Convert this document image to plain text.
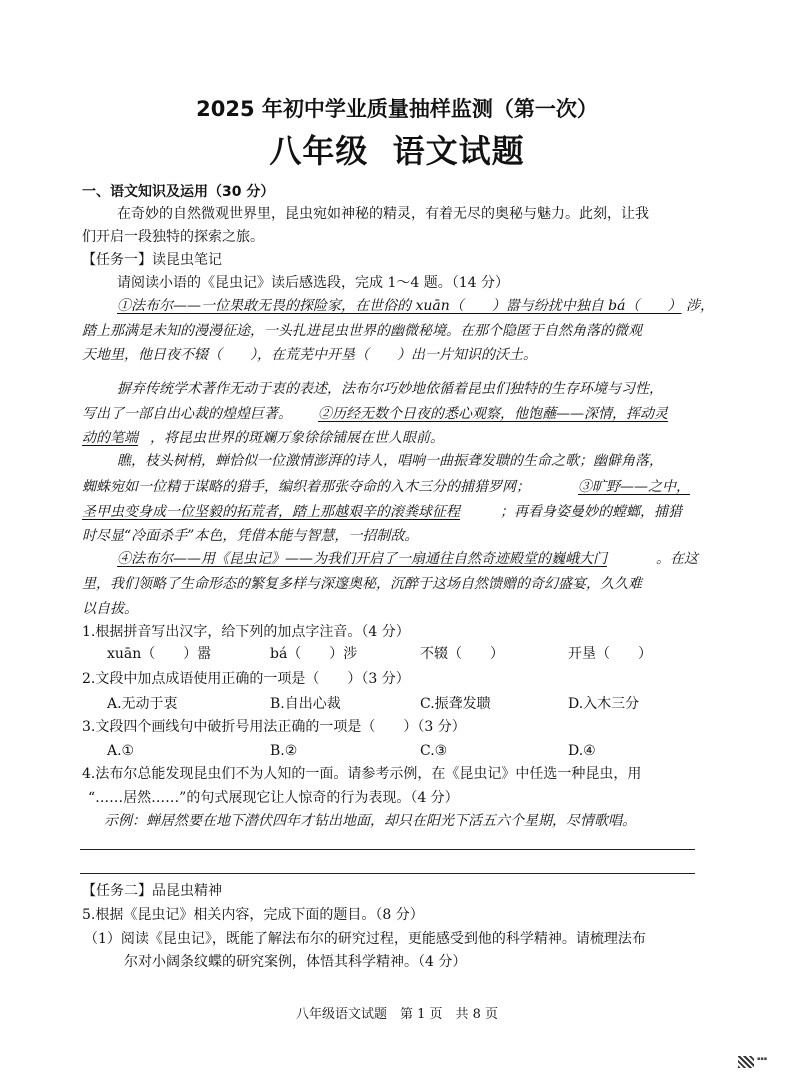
2025 年初中学业质量抽样监测（第一次）
八年级 语文试题
一、语文知识及运用（30 分）
在奇妙的自然微观世界里，昆虫宛如神秘的精灵，有着无尽的奥秘与魅力。此刻，让我
们开启一段独特的探索之旅。
【任务一】读昆虫笔记
请阅读小语的《昆虫记》读后感选段，完成 1～4 题。（14 分）
①法布尔——一位果敢无畏的探险家，在世俗的 xuān（　　）嚣与纷扰中独自 bá（　　） 涉，
踏上那满是未知的漫漫征途，一头扎进昆虫世界的幽微秘境。在那个隐匿于自然角落的微观
天地里，他日夜不辍（　　），在荒芜中开垦（　　）出一片知识的沃土。
摒弃传统学术著作无动于衷的表述，法布尔巧妙地依循着昆虫们独特的生存环境与习性，
写出了一部自出心裁的煌煌巨著。 ②历经无数个日夜的悉心观察，他饱蘸——深情，挥动灵
动的笔端 ，将昆虫世界的斑斓万象徐徐铺展在世人眼前。
瞧，枝头树梢，蝉恰似一位激情澎湃的诗人，唱响一曲振聋发聩的生命之歌；幽僻角落，
蜘蛛宛如一位精于谋略的猎手，编织着那张夺命的入木三分的捕猎罗网；	③旷野——之中，
圣甲虫变身成一位坚毅的拓荒者，踏上那越艰辛的滚粪球征程	；再看身姿曼妙的螳螂，捕猎
时尽显“冷面杀手”本色，凭借本能与智慧，一招制敌。
④法布尔——用《昆虫记》——为我们开启了一扇通往自然奇迹殿堂的巍峨大门	。在这
里，我们领略了生命形态的繁复多样与深邃奥秘，沉醉于这场自然馈赠的奇幻盛宴，久久难
以自拔。
1.根据拼音写出汉字，给下列的加点字注音。（4 分）
xuān（　　）嚣	bá（　　）涉	不辍（　　）	开垦（　　）
2.文段中加点成语使用正确的一项是（　　）（3 分）
A.无动于衷	B.自出心裁	C.振聋发聩	D.入木三分
3.文段四个画线句中破折号用法正确的一项是（　　）（3 分）
A.①	B.②	C.③	D.④
4.法布尔总能发现昆虫们不为人知的一面。请参考示例，在《昆虫记》中任选一种昆虫，用
“……居然……”的句式展现它让人惊奇的行为表现。（4 分）
示例：蝉居然要在地下潜伏四年才钻出地面，却只在阳光下活五六个星期，尽情歌唱。
【任务二】品昆虫精神
5.根据《昆虫记》相关内容，完成下面的题目。（8 分）
（1）阅读《昆虫记》，既能了解法布尔的研究过程，更能感受到他的科学精神。请梳理法布
尔对小阔条纹蝶的研究案例，体悟其科学精神。（4 分）
八年级语文试题　第 1 页　共 8 页
▪▪▪
